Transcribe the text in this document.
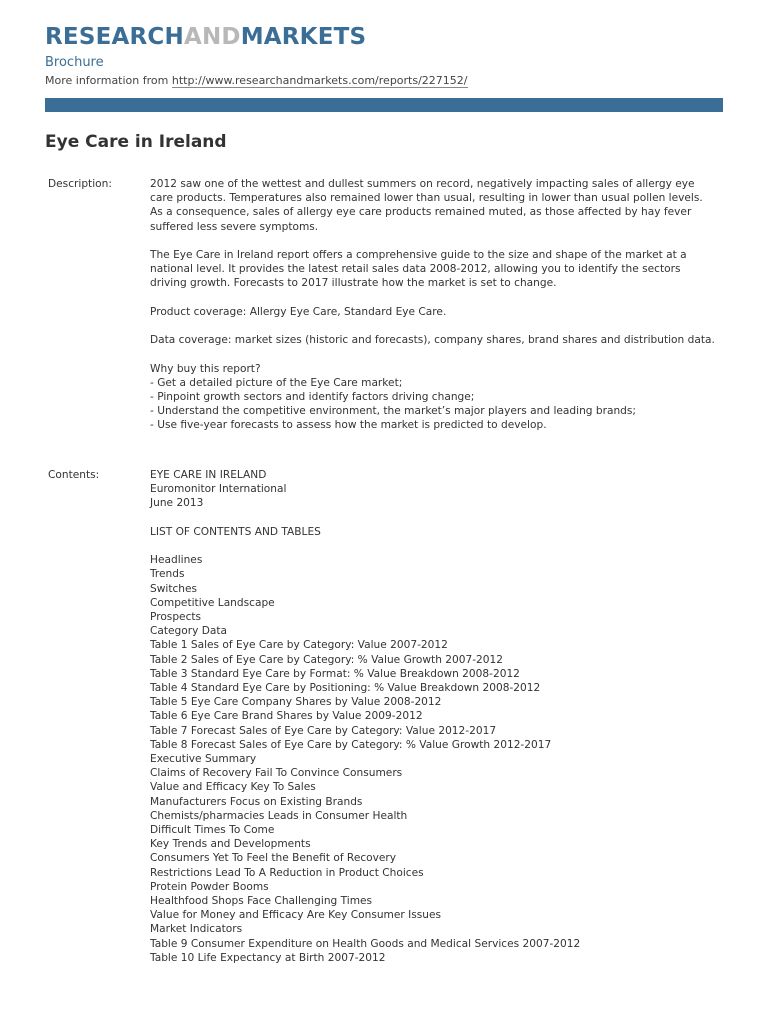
RESEARCHANDMARKETS
Brochure
More information from http://www.researchandmarkets.com/reports/227152/
Eye Care in Ireland
Description:	2012 saw one of the wettest and dullest summers on record, negatively impacting sales of allergy eye care products. Temperatures also remained lower than usual, resulting in lower than usual pollen levels. As a consequence, sales of allergy eye care products remained muted, as those affected by hay fever suffered less severe symptoms.
The Eye Care in Ireland report offers a comprehensive guide to the size and shape of the market at a national level. It provides the latest retail sales data 2008-2012, allowing you to identify the sectors driving growth. Forecasts to 2017 illustrate how the market is set to change.
Product coverage: Allergy Eye Care, Standard Eye Care.
Data coverage: market sizes (historic and forecasts), company shares, brand shares and distribution data.
Why buy this report?
- Get a detailed picture of the Eye Care market;
- Pinpoint growth sectors and identify factors driving change;
- Understand the competitive environment, the market’s major players and leading brands;
- Use five-year forecasts to assess how the market is predicted to develop.
Contents:	EYE CARE IN IRELAND
Euromonitor International
June 2013
LIST OF CONTENTS AND TABLES
Headlines
Trends
Switches
Competitive Landscape
Prospects
Category Data
Table 1 Sales of Eye Care by Category: Value 2007-2012
Table 2 Sales of Eye Care by Category: % Value Growth 2007-2012
Table 3 Standard Eye Care by Format: % Value Breakdown 2008-2012
Table 4 Standard Eye Care by Positioning: % Value Breakdown 2008-2012
Table 5 Eye Care Company Shares by Value 2008-2012
Table 6 Eye Care Brand Shares by Value 2009-2012
Table 7 Forecast Sales of Eye Care by Category: Value 2012-2017
Table 8 Forecast Sales of Eye Care by Category: % Value Growth 2012-2017
Executive Summary
Claims of Recovery Fail To Convince Consumers
Value and Efficacy Key To Sales
Manufacturers Focus on Existing Brands
Chemists/pharmacies Leads in Consumer Health
Difficult Times To Come
Key Trends and Developments
Consumers Yet To Feel the Benefit of Recovery
Restrictions Lead To A Reduction in Product Choices
Protein Powder Booms
Healthfood Shops Face Challenging Times
Value for Money and Efficacy Are Key Consumer Issues
Market Indicators
Table 9 Consumer Expenditure on Health Goods and Medical Services 2007-2012
Table 10 Life Expectancy at Birth 2007-2012
